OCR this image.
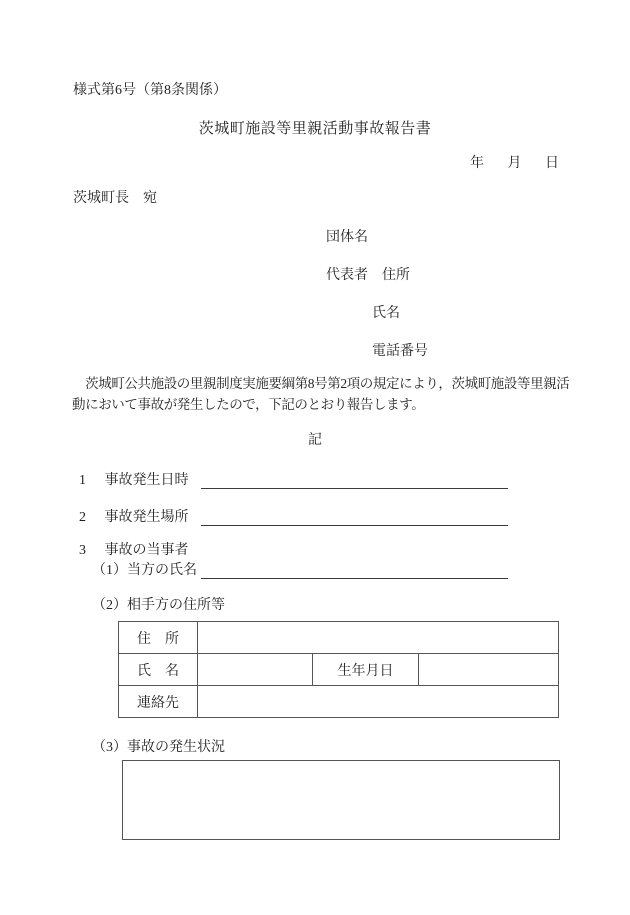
様式第6号（第8条関係）
茨城町施設等里親活動事故報告書
年　　月　　日
茨城町長　宛
団体名
代表者　住所
氏名
電話番号
　茨城町公共施設の里親制度実施要綱第8号第2項の規定により，茨城町施設等里親活
動において事故が発生したので，下記のとおり報告します。
記
1 事故発生日時
2 事故発生場所
3 事故の当事者
（1）当方の氏名
（2）相手方の住所等
住　所			
氏　名		生年月日	
連絡先			
（3）事故の発生状況
